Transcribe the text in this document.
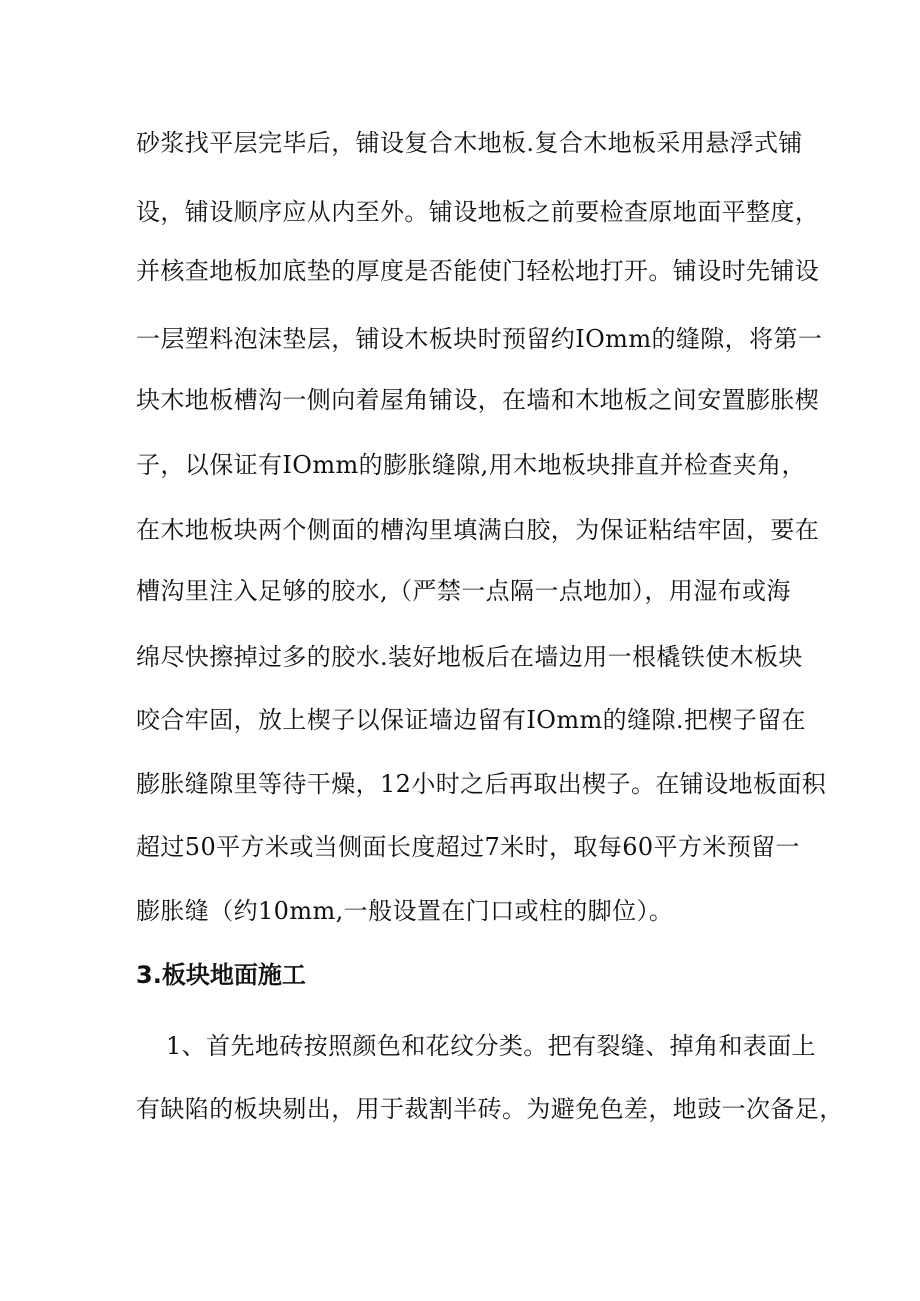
砂浆找平层完毕后，铺设复合木地板.复合木地板采用悬浮式铺
设，铺设顺序应从内至外。铺设地板之前要检查原地面平整度，
并核查地板加底垫的厚度是否能使门轻松地打开。铺设时先铺设
一层塑料泡沫垫层，铺设木板块时预留约IOmm的缝隙，将第一
块木地板槽沟一侧向着屋角铺设，在墙和木地板之间安置膨胀楔
子，以保证有IOmm的膨胀缝隙,用木地板块排直并检查夹角，
在木地板块两个侧面的槽沟里填满白胶，为保证粘结牢固，要在
槽沟里注入足够的胶水,（严禁一点隔一点地加），用湿布或海
绵尽快擦掉过多的胶水.装好地板后在墙边用一根橇铁使木板块
咬合牢固，放上楔子以保证墙边留有IOmm的缝隙.把楔子留在
膨胀缝隙里等待干燥，12小时之后再取出楔子。在铺设地板面积
超过50平方米或当侧面长度超过7米时，取每60平方米预留一
膨胀缝（约10mm,一般设置在门口或柱的脚位）。
3.板块地面施工
1、首先地砖按照颜色和花纹分类。把有裂缝、掉角和表面上
有缺陷的板块剔出，用于裁割半砖。为避免色差，地豉一次备足，
